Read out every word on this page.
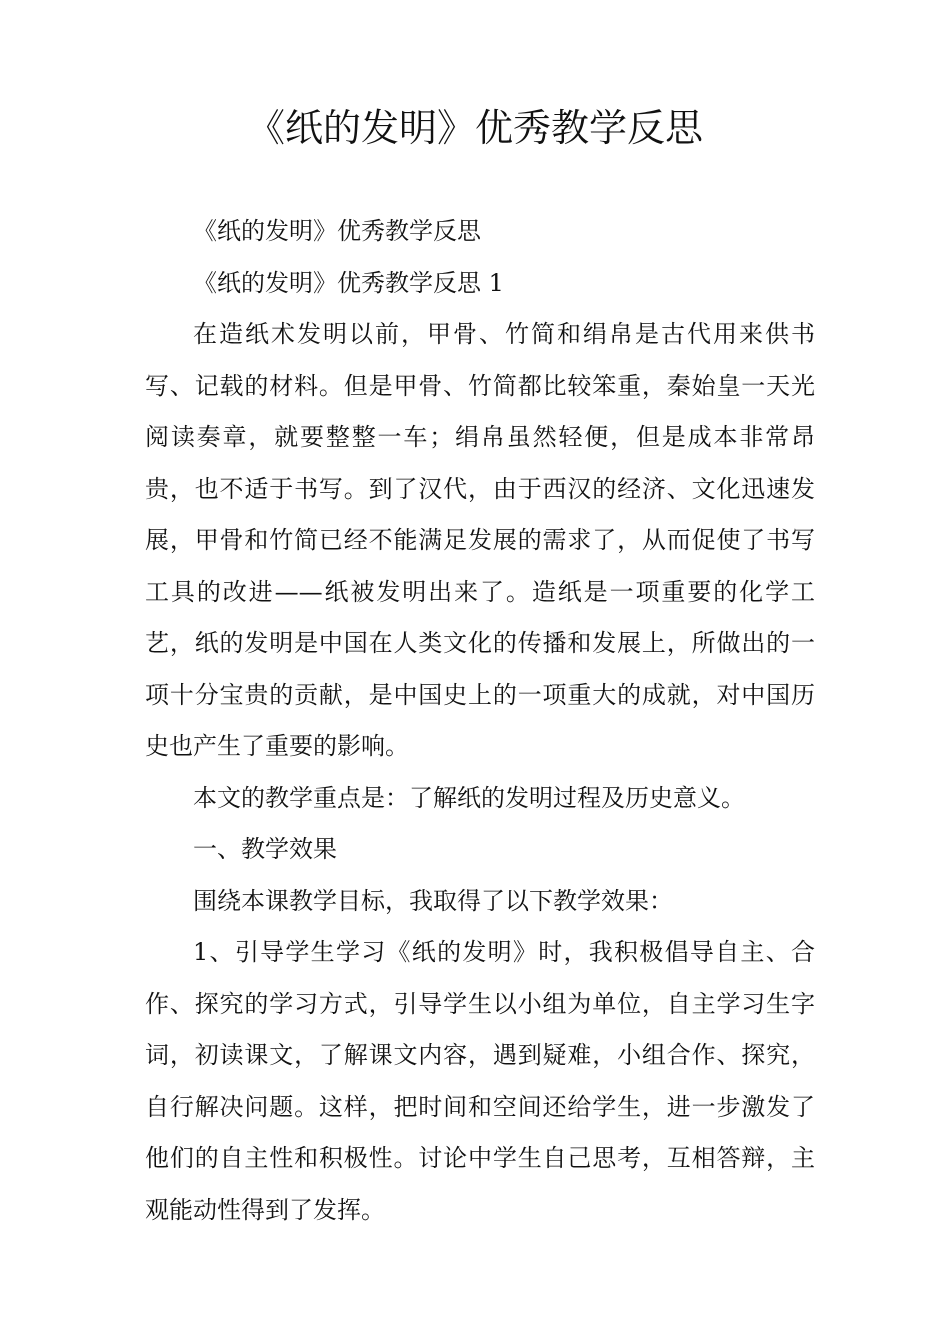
《纸的发明》优秀教学反思

《纸的发明》优秀教学反思

《纸的发明》优秀教学反思 1

在造纸术发明以前，甲骨、竹简和绢帛是古代用来供书写、记载的材料。但是甲骨、竹简都比较笨重，秦始皇一天光阅读奏章，就要整整一车；绢帛虽然轻便，但是成本非常昂贵，也不适于书写。到了汉代，由于西汉的经济、文化迅速发展，甲骨和竹简已经不能满足发展的需求了，从而促使了书写工具的改进——纸被发明出来了。造纸是一项重要的化学工艺，纸的发明是中国在人类文化的传播和发展上，所做出的一项十分宝贵的贡献，是中国史上的一项重大的成就，对中国历史也产生了重要的影响。

本文的教学重点是：了解纸的发明过程及历史意义。

一、教学效果

围绕本课教学目标，我取得了以下教学效果：

1、引导学生学习《纸的发明》时，我积极倡导自主、合作、探究的学习方式，引导学生以小组为单位，自主学习生字词，初读课文，了解课文内容，遇到疑难，小组合作、探究，自行解决问题。这样，把时间和空间还给学生，进一步激发了他们的自主性和积极性。讨论中学生自己思考，互相答辩，主观能动性得到了发挥。
